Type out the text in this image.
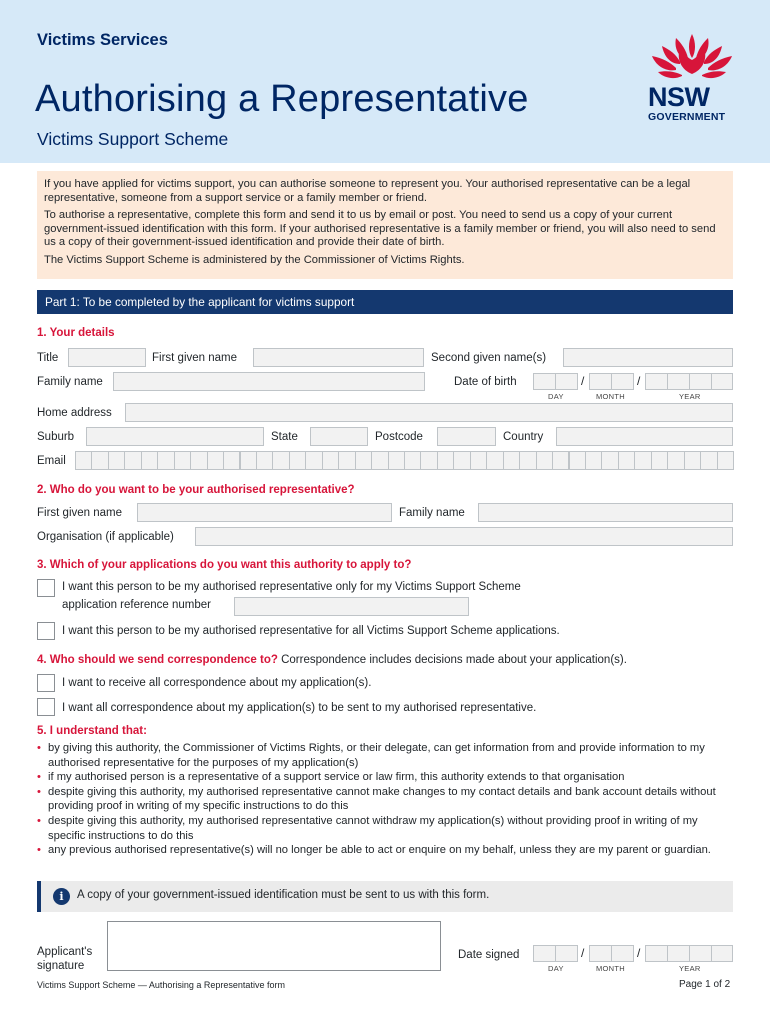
Victims Services
Authorising a Representative
Victims Support Scheme
NSW
GOVERNMENT

If you have applied for victims support, you can authorise someone to represent you. Your authorised representative can be a legal representative, someone from a support service or a family member or friend.

To authorise a representative, complete this form and send it to us by email or post. You need to send us a copy of your current government-issued identification with this form. If your authorised representative is a family member or friend, you will also need to send us a copy of their government-issued identification and provide their date of birth.

The Victims Support Scheme is administered by the Commissioner of Victims Rights.

Part 1: To be completed by the applicant for victims support
1. Your details
Title	First given name	Second given name(s)
Family name	Date of birth	/	/
DAY	MONTH	YEAR
Home address
Suburb	State	Postcode	Country
Email
2. Who do you want to be your authorised representative?
First given name	Family name
Organisation (if applicable)
3. Which of your applications do you want this authority to apply to?
I want this person to be my authorised representative only for my Victims Support Scheme
application reference number
I want this person to be my authorised representative for all Victims Support Scheme applications.
4. Who should we send correspondence to? Correspondence includes decisions made about your application(s).
I want to receive all correspondence about my application(s).
I want all correspondence about my application(s) to be sent to my authorised representative.
5. I understand that:
• by giving this authority, the Commissioner of Victims Rights, or their delegate, can get information from and provide information to my authorised representative for the purposes of my application(s)
• if my authorised person is a representative of a support service or law firm, this authority extends to that organisation
• despite giving this authority, my authorised representative cannot make changes to my contact details and bank account details without providing proof in writing of my specific instructions to do this
• despite giving this authority, my authorised representative cannot withdraw my application(s) without providing proof in writing of my specific instructions to do this
• any previous authorised representative(s) will no longer be able to act or enquire on my behalf, unless they are my parent or guardian.
i	A copy of your government-issued identification must be sent to us with this form.
Applicant's
signature
Date signed	/	/
DAY	MONTH	YEAR
Victims Support Scheme — Authorising a Representative form	Page 1 of 2
